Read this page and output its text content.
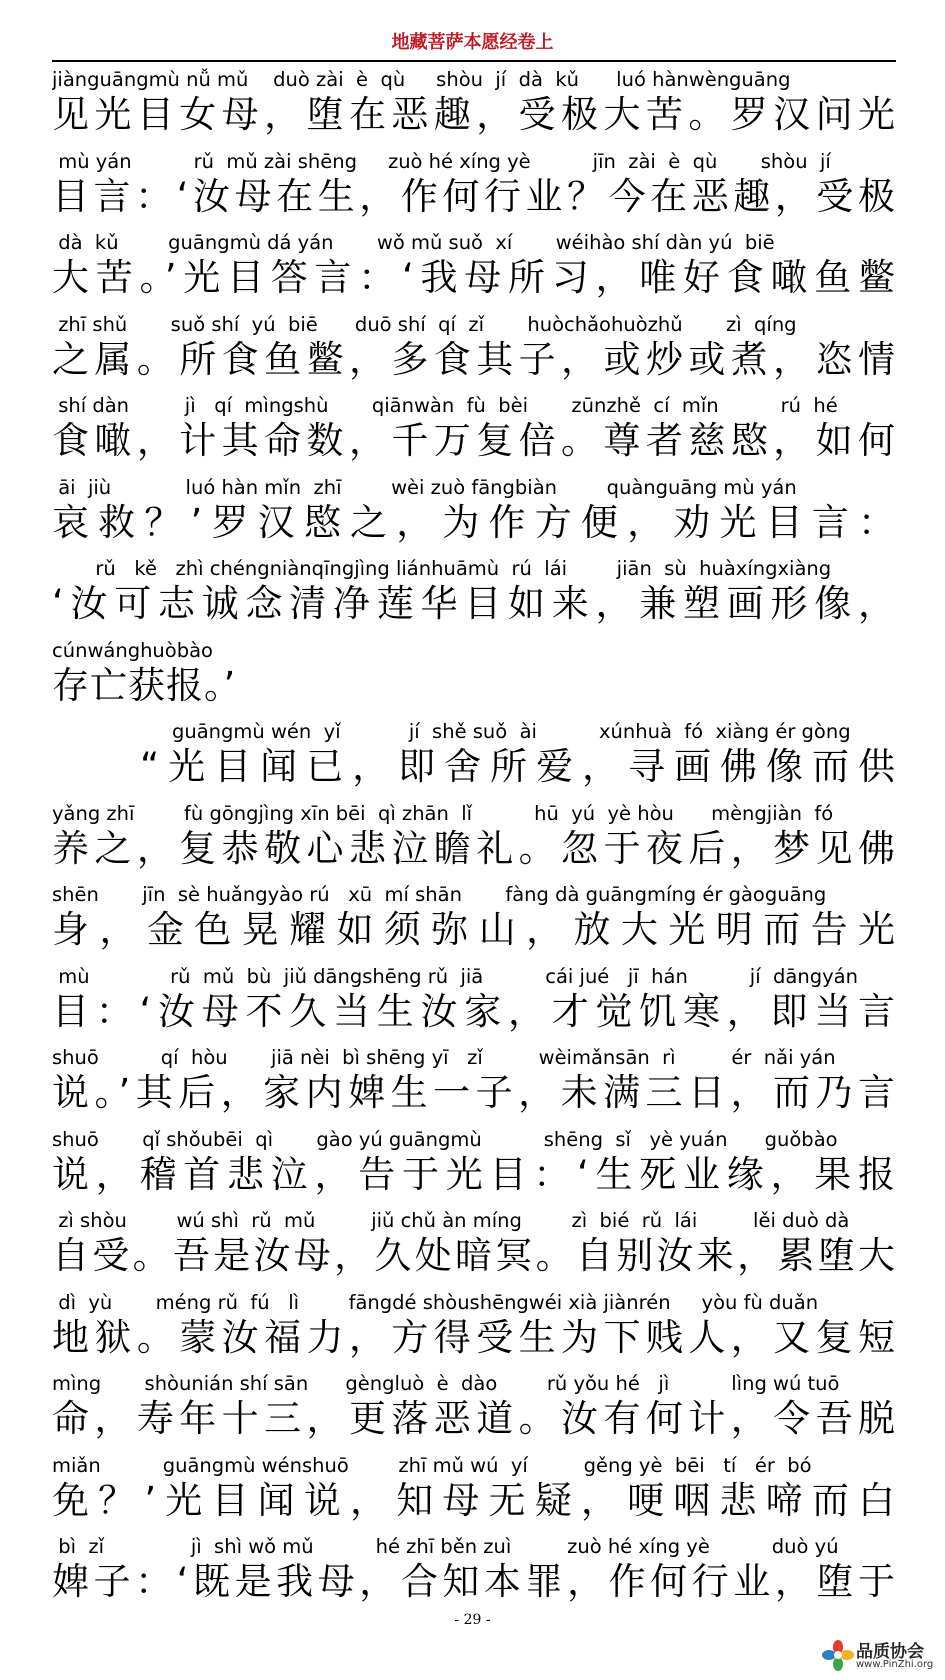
地藏菩萨本愿经卷上
jiànguāngmù nǚ mǔ    duò zài  è  qù     shòu  jí  dà  kǔ      luó hànwènguāng
见光目女母，堕在恶趣，受极大苦。罗汉问光
mù yán          rǔ  mǔ zài shēng     zuò hé xíng yè          jīn  zài  è  qù       shòu  jí
目言：‘汝母在生，作何行业？今在恶趣，受极
dà  kǔ        guāngmù dá yán       wǒ mǔ suǒ  xí       wéihào shí dàn yú  biē
大苦。’光目答言：‘我母所习，唯好食噉鱼鳖
zhī shǔ       suǒ shí  yú  biē      duō shí  qí  zǐ       huòchǎohuòzhǔ       zì  qíng
之属。所食鱼鳖，多食其子，或炒或煮，恣情
shí dàn         jì   qí  mìngshù       qiānwàn  fù  bèi       zūnzhě  cí  mǐn          rú  hé
食噉，计其命数，千万复倍。尊者慈愍，如何
āi  jiù            luó hàn mǐn  zhī        wèi zuò fāngbiàn        quànguāng mù yán
哀救？’罗汉愍之，为作方便，劝光目言：
rǔ   kě   zhì chéngniànqīngjìng liánhuāmù  rú  lái        jiān  sù  huàxíngxiàng
‘汝可志诚念清净莲华目如来，兼塑画形像，
cúnwánghuòbào
存亡获报。’
guāngmù wén  yǐ           jí  shě suǒ  ài          xúnhuà  fó  xiàng ér gòng
“光目闻已，即舍所爱，寻画佛像而供
yǎng zhī        fù gōngjìng xīn bēi  qì zhān  lǐ          hū  yú  yè hòu      mèngjiàn  fó
养之，复恭敬心悲泣瞻礼。忽于夜后，梦见佛
shēn       jīn  sè huǎngyào rú   xū  mí shān       fàng dà guāngmíng ér gàoguāng
身，金色晃耀如须弥山，放大光明而告光
mù             rǔ  mǔ  bù  jiǔ dāngshēng rǔ  jiā          cái jué   jī  hán          jí  dāngyán
目：‘汝母不久当生汝家，才觉饥寒，即当言
shuō          qí  hòu       jiā nèi  bì shēng yī   zǐ         wèimǎnsān  rì         ér  nǎi yán
说。’其后，家内婢生一子，未满三日，而乃言
shuō       qǐ shǒubēi  qì       gào yú guāngmù          shēng  sǐ   yè yuán      guǒbào
说，稽首悲泣，告于光目：‘生死业缘，果报
zì shòu        wú shì  rǔ  mǔ         jiǔ chǔ àn míng        zì  bié  rǔ  lái         lěi duò dà
自受。吾是汝母，久处暗冥。自别汝来，累堕大
dì  yù       méng rǔ  fú   lì        fāngdé shòushēngwéi xià jiànrén     yòu fù duǎn
地狱。蒙汝福力，方得受生为下贱人，又复短
mìng       shòunián shí sān      gèngluò  è  dào        rǔ yǒu hé   jì          lìng wú tuō
命，寿年十三，更落恶道。汝有何计，令吾脱
miǎn          guāngmù wénshuō        zhī mǔ wú  yí         gěng yè  bēi   tí   ér  bó
免？’光目闻说，知母无疑，哽咽悲啼而白
bì  zǐ              jì  shì wǒ mǔ          hé zhī běn zuì         zuò hé xíng yè          duò yú
婢子：‘既是我母，合知本罪，作何行业，堕于
- 29 -
品质协会
www.PinZhi.org
